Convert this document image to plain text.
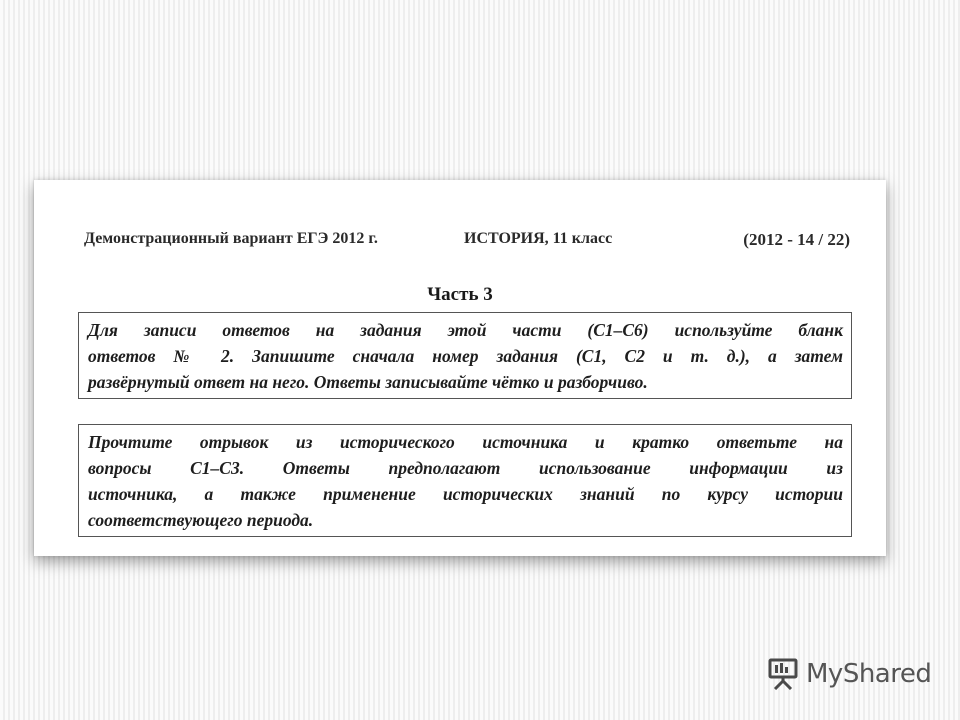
Демонстрационный вариант ЕГЭ 2012 г.	ИСТОРИЯ, 11 класс	(2012 - 14 / 22)
Часть 3
Для записи ответов на задания этой части (С1–С6) используйте бланк
ответов № 2. Запишите сначала номер задания (С1, С2 и т. д.), а затем
развёрнутый ответ на него. Ответы записывайте чётко и разборчиво.
Прочтите отрывок из исторического источника и кратко ответьте на
вопросы С1–С3. Ответы предполагают использование информации из
источника, а также применение исторических знаний по курсу истории
соответствующего периода.
MyShared
